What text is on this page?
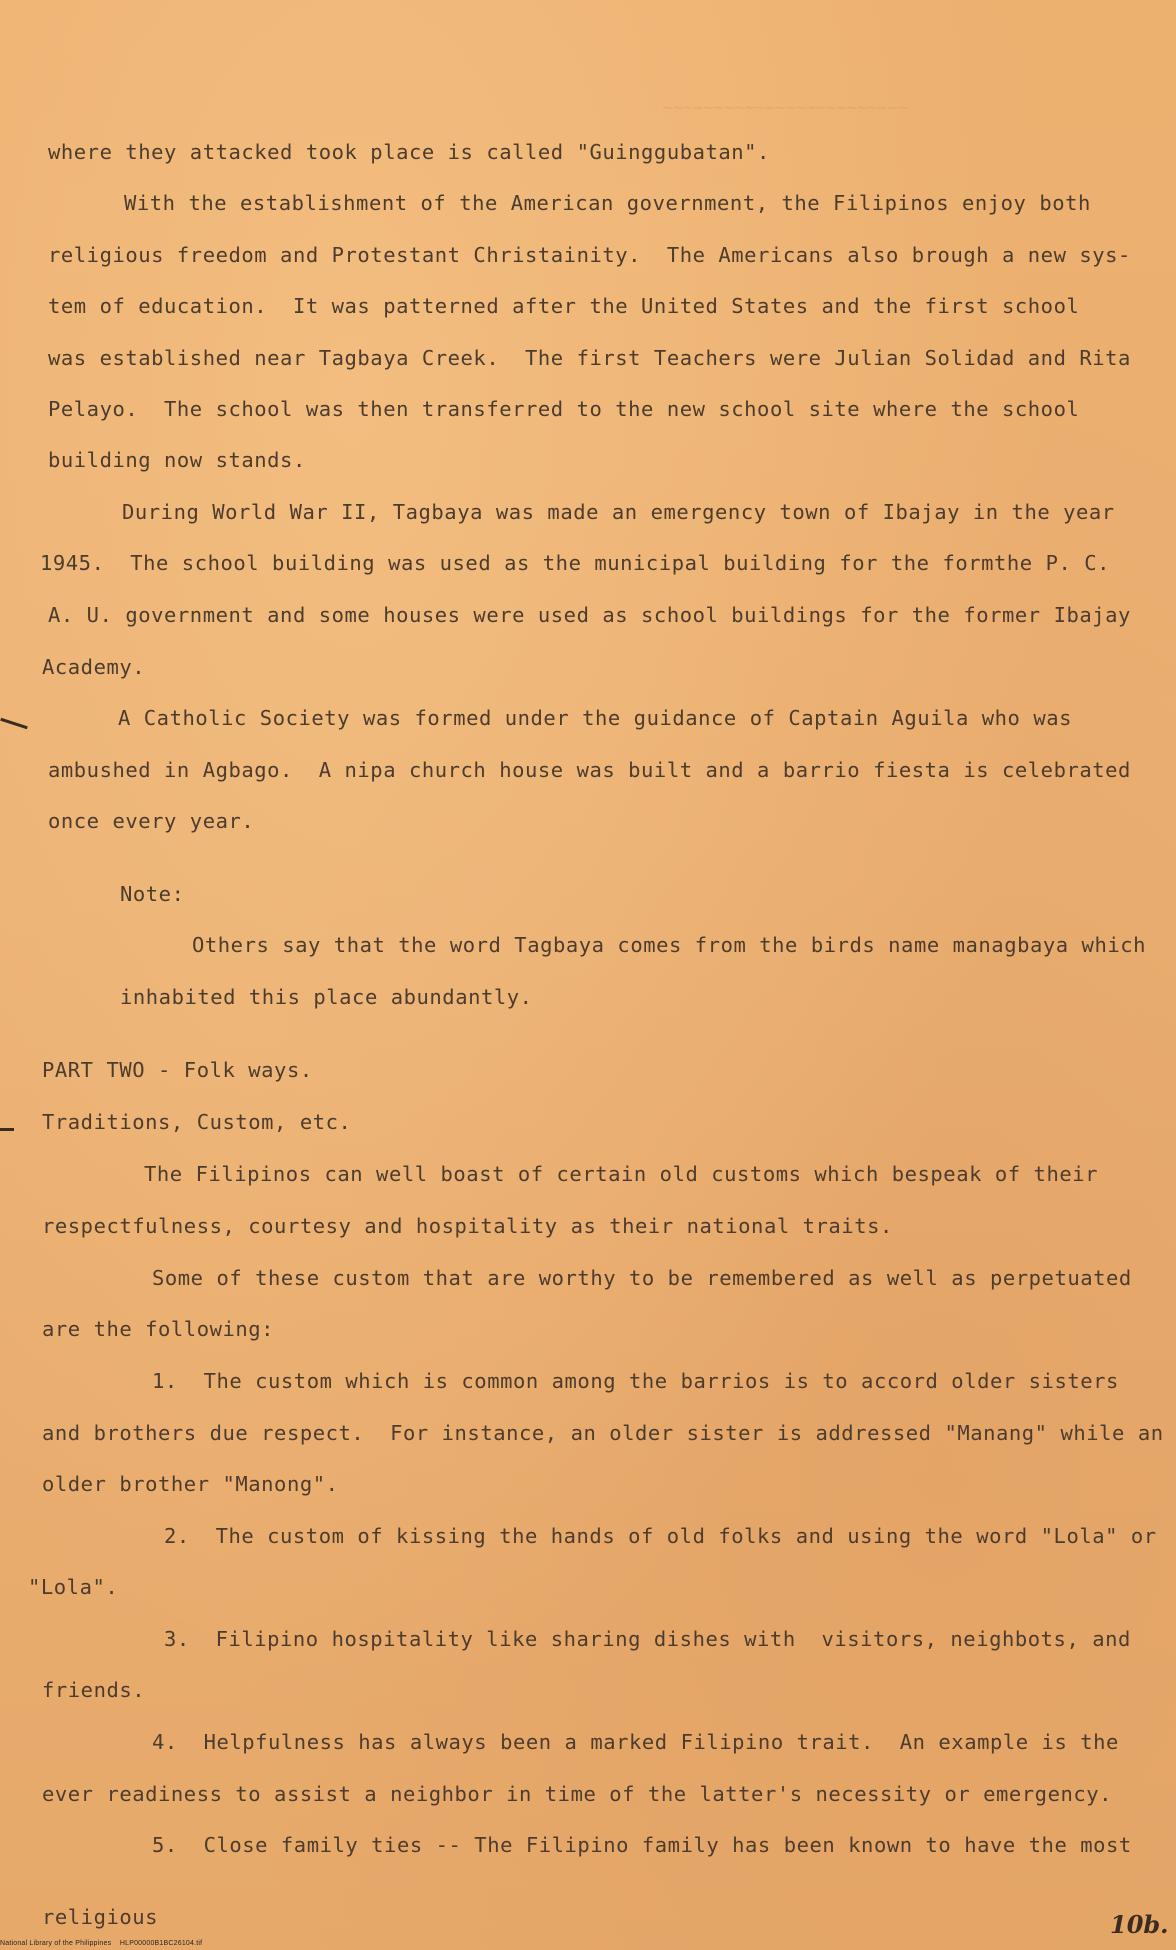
~~~~~~~~~~~~~~~~~~~~~~~~
where they attacked took place is called "Guinggubatan".
With the establishment of the American government, the Filipinos enjoy both
religious freedom and Protestant Christainity.  The Americans also brough a new sys-
tem of education.  It was patterned after the United States and the first school
was established near Tagbaya Creek.  The first Teachers were Julian Solidad and Rita
Pelayo.  The school was then transferred to the new school site where the school
building now stands.
During World War II, Tagbaya was made an emergency town of Ibajay in the year
1945.  The school building was used as the municipal building for the formthe P. C.
A. U. government and some houses were used as school buildings for the former Ibajay
Academy.
A Catholic Society was formed under the guidance of Captain Aguila who was
ambushed in Agbago.  A nipa church house was built and a barrio fiesta is celebrated
once every year.
Note:
Others say that the word Tagbaya comes from the birds name managbaya which
inhabited this place abundantly.
PART TWO - Folk ways.
Traditions, Custom, etc.
The Filipinos can well boast of certain old customs which bespeak of their
respectfulness, courtesy and hospitality as their national traits.
Some of these custom that are worthy to be remembered as well as perpetuated
are the following:
1.  The custom which is common among the barrios is to accord older sisters
and brothers due respect.  For instance, an older sister is addressed "Manang" while an
older brother "Manong".
2.  The custom of kissing the hands of old folks and using the word "Lola" or
"Lola".
3.  Filipino hospitality like sharing dishes with  visitors, neighbots, and
friends.
4.  Helpfulness has always been a marked Filipino trait.  An example is the
ever readiness to assist a neighbor in time of the latter's necessity or emergency.
5.  Close family ties -- The Filipino family has been known to have the most
religious	10b.
National Library of the Philippines    HLP00000B1BC26104.tif
